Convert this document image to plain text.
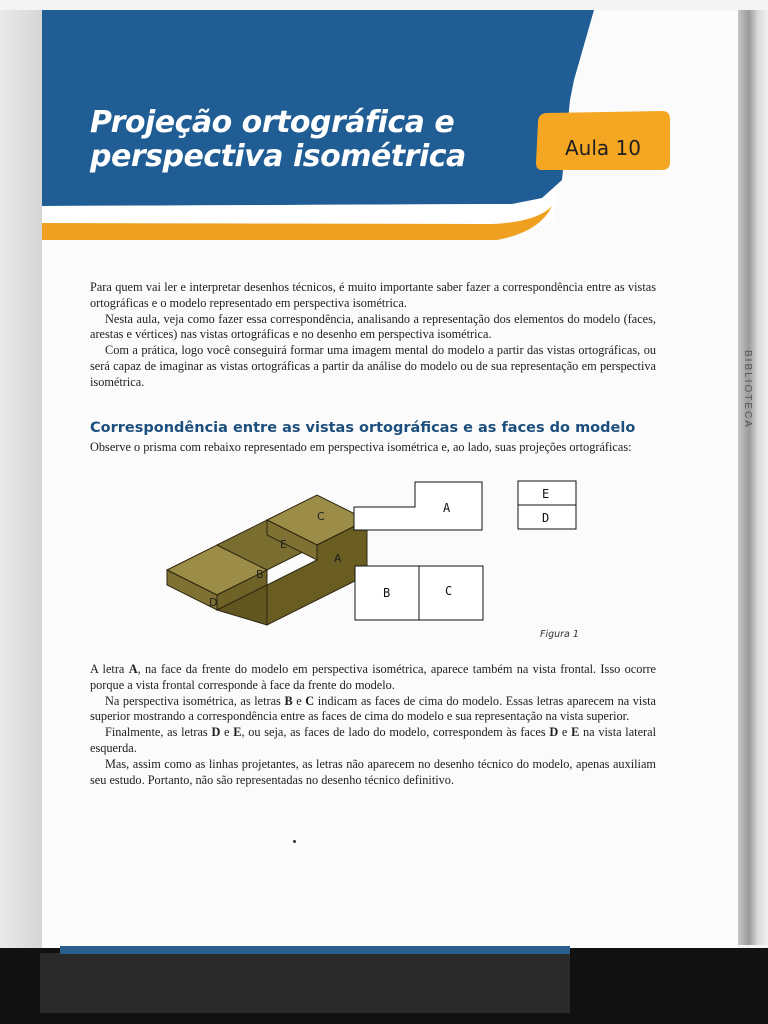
BIBLIOTECA
Projeção ortográfica e
perspectiva isométrica	Aula 10

Para quem vai ler e interpretar desenhos técnicos, é muito importante saber fazer a correspondência entre as vistas ortográficas e o modelo representado em perspectiva isométrica.

Nesta aula, veja como fazer essa correspondência, analisando a representação dos elementos do modelo (faces, arestas e vértices) nas vistas ortográficas e no desenho em perspectiva isométrica.

Com a prática, logo você conseguirá formar uma imagem mental do modelo a partir das vistas ortográficas, ou será capaz de imaginar as vistas ortográficas a partir da análise do modelo ou de sua representação em perspectiva isométrica.

Correspondência entre as vistas ortográficas e as faces do modelo

Observe o prisma com rebaixo representado em perspectiva isométrica e, ao lado, suas projeções ortográficas:

D
B
E
C
A
A
E
D
B	C
Figura 1

A letra A, na face da frente do modelo em perspectiva isométrica, aparece também na vista frontal. Isso ocorre porque a vista frontal corresponde à face da frente do modelo.

Na perspectiva isométrica, as letras B e C indicam as faces de cima do modelo. Essas letras aparecem na vista superior mostrando a correspondência entre as faces de cima do modelo e sua representação na vista superior.

Finalmente, as letras D e E, ou seja, as faces de lado do modelo, correspondem às faces D e E na vista lateral esquerda.

Mas, assim como as linhas projetantes, as letras não aparecem no desenho técnico do modelo, apenas auxiliam seu estudo. Portanto, não são representadas no desenho técnico definitivo.
